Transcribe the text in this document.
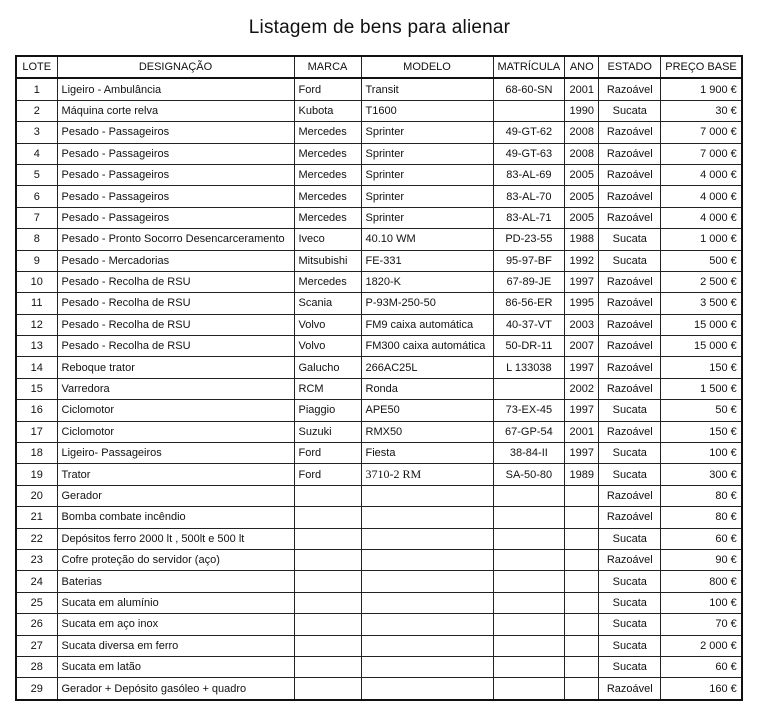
Listagem de bens para alienar
LOTE	DESIGNAÇÃO	MARCA	MODELO	MATRÍCULA	ANO	ESTADO	PREÇO BASE
1	Ligeiro - Ambulância	Ford	Transit	68-60-SN	2001	Razoável	1 900 €
2	Máquina corte relva	Kubota	T1600		1990	Sucata	30 €
3	Pesado - Passageiros	Mercedes	Sprinter	49-GT-62	2008	Razoável	7 000 €
4	Pesado - Passageiros	Mercedes	Sprinter	49-GT-63	2008	Razoável	7 000 €
5	Pesado - Passageiros	Mercedes	Sprinter	83-AL-69	2005	Razoável	4 000 €
6	Pesado - Passageiros	Mercedes	Sprinter	83-AL-70	2005	Razoável	4 000 €
7	Pesado - Passageiros	Mercedes	Sprinter	83-AL-71	2005	Razoável	4 000 €
8	Pesado - Pronto Socorro Desencarceramento	Iveco	40.10 WM	PD-23-55	1988	Sucata	1 000 €
9	Pesado - Mercadorias	Mitsubishi	FE-331	95-97-BF	1992	Sucata	500 €
10	Pesado - Recolha de RSU	Mercedes	1820-K	67-89-JE	1997	Razoável	2 500 €
11	Pesado - Recolha de RSU	Scania	P-93M-250-50	86-56-ER	1995	Razoável	3 500 €
12	Pesado - Recolha de RSU	Volvo	FM9 caixa automática	40-37-VT	2003	Razoável	15 000 €
13	Pesado - Recolha de RSU	Volvo	FM300 caixa automática	50-DR-11	2007	Razoável	15 000 €
14	Reboque trator	Galucho	266AC25L	L 133038	1997	Razoável	150 €
15	Varredora	RCM	Ronda		2002	Razoável	1 500 €
16	Ciclomotor	Piaggio	APE50	73-EX-45	1997	Sucata	50 €
17	Ciclomotor	Suzuki	RMX50	67-GP-54	2001	Razoável	150 €
18	Ligeiro- Passageiros	Ford	Fiesta	38-84-II	1997	Sucata	100 €
19	Trator	Ford	3710-2 RM	SA-50-80	1989	Sucata	300 €
20	Gerador					Razoável	80 €
21	Bomba combate incêndio					Razoável	80 €
22	Depósitos ferro 2000 lt , 500lt e 500 lt					Sucata	60 €
23	Cofre proteção do servidor (aço)					Razoável	90 €
24	Baterias					Sucata	800 €
25	Sucata em alumínio					Sucata	100 €
26	Sucata em aço inox					Sucata	70 €
27	Sucata diversa em ferro					Sucata	2 000 €
28	Sucata em latão					Sucata	60 €
29	Gerador + Depósito gasóleo + quadro					Razoável	160 €
